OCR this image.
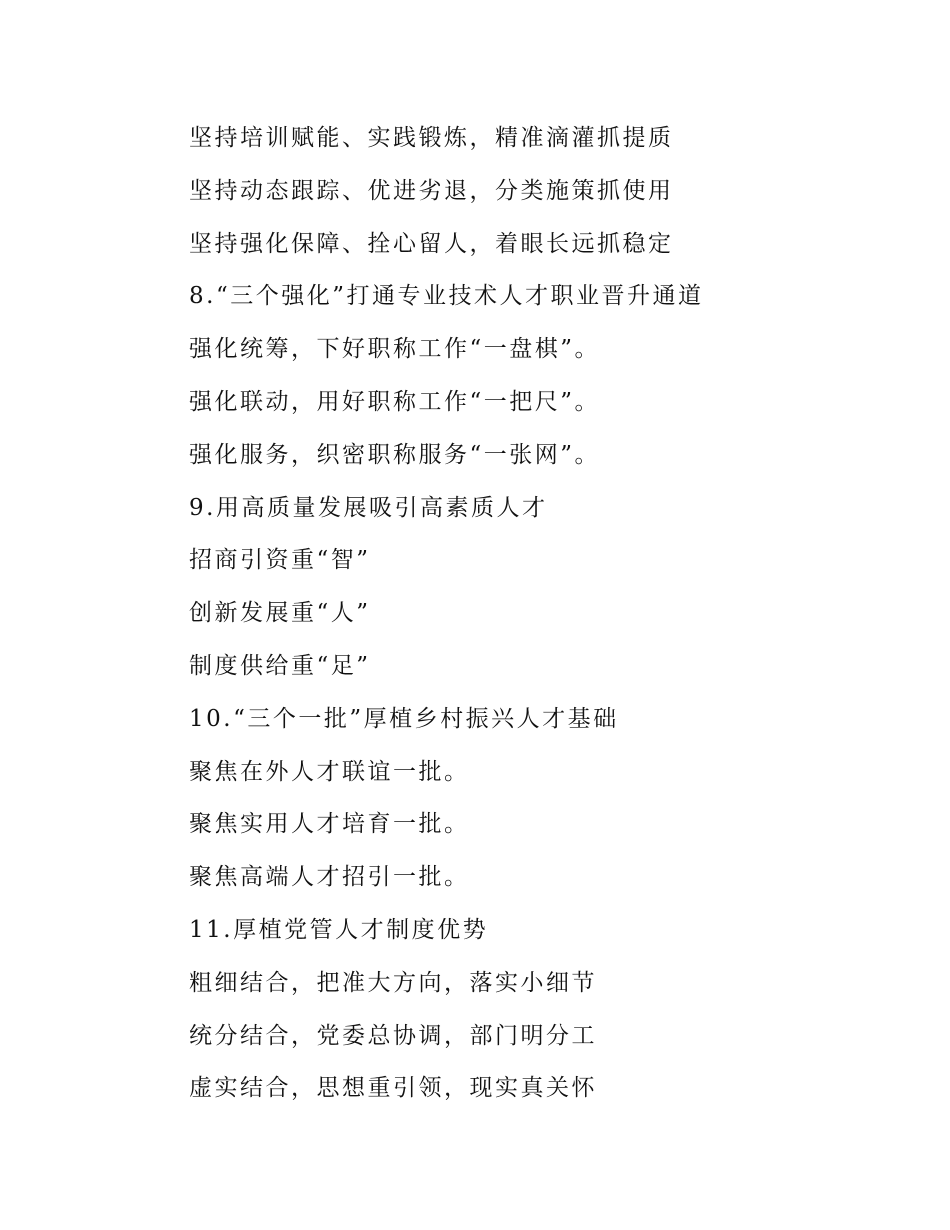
坚持培训赋能、实践锻炼，精准滴灌抓提质
坚持动态跟踪、优进劣退，分类施策抓使用
坚持强化保障、拴心留人，着眼长远抓稳定
8.“三个强化”打通专业技术人才职业晋升通道
强化统筹，下好职称工作“一盘棋”。
强化联动，用好职称工作“一把尺”。
强化服务，织密职称服务“一张网”。
9.用高质量发展吸引高素质人才
招商引资重“智”
创新发展重“人”
制度供给重“足”
10.“三个一批”厚植乡村振兴人才基础
聚焦在外人才联谊一批。
聚焦实用人才培育一批。
聚焦高端人才招引一批。
11.厚植党管人才制度优势
粗细结合，把准大方向，落实小细节
统分结合，党委总协调，部门明分工
虚实结合，思想重引领，现实真关怀
